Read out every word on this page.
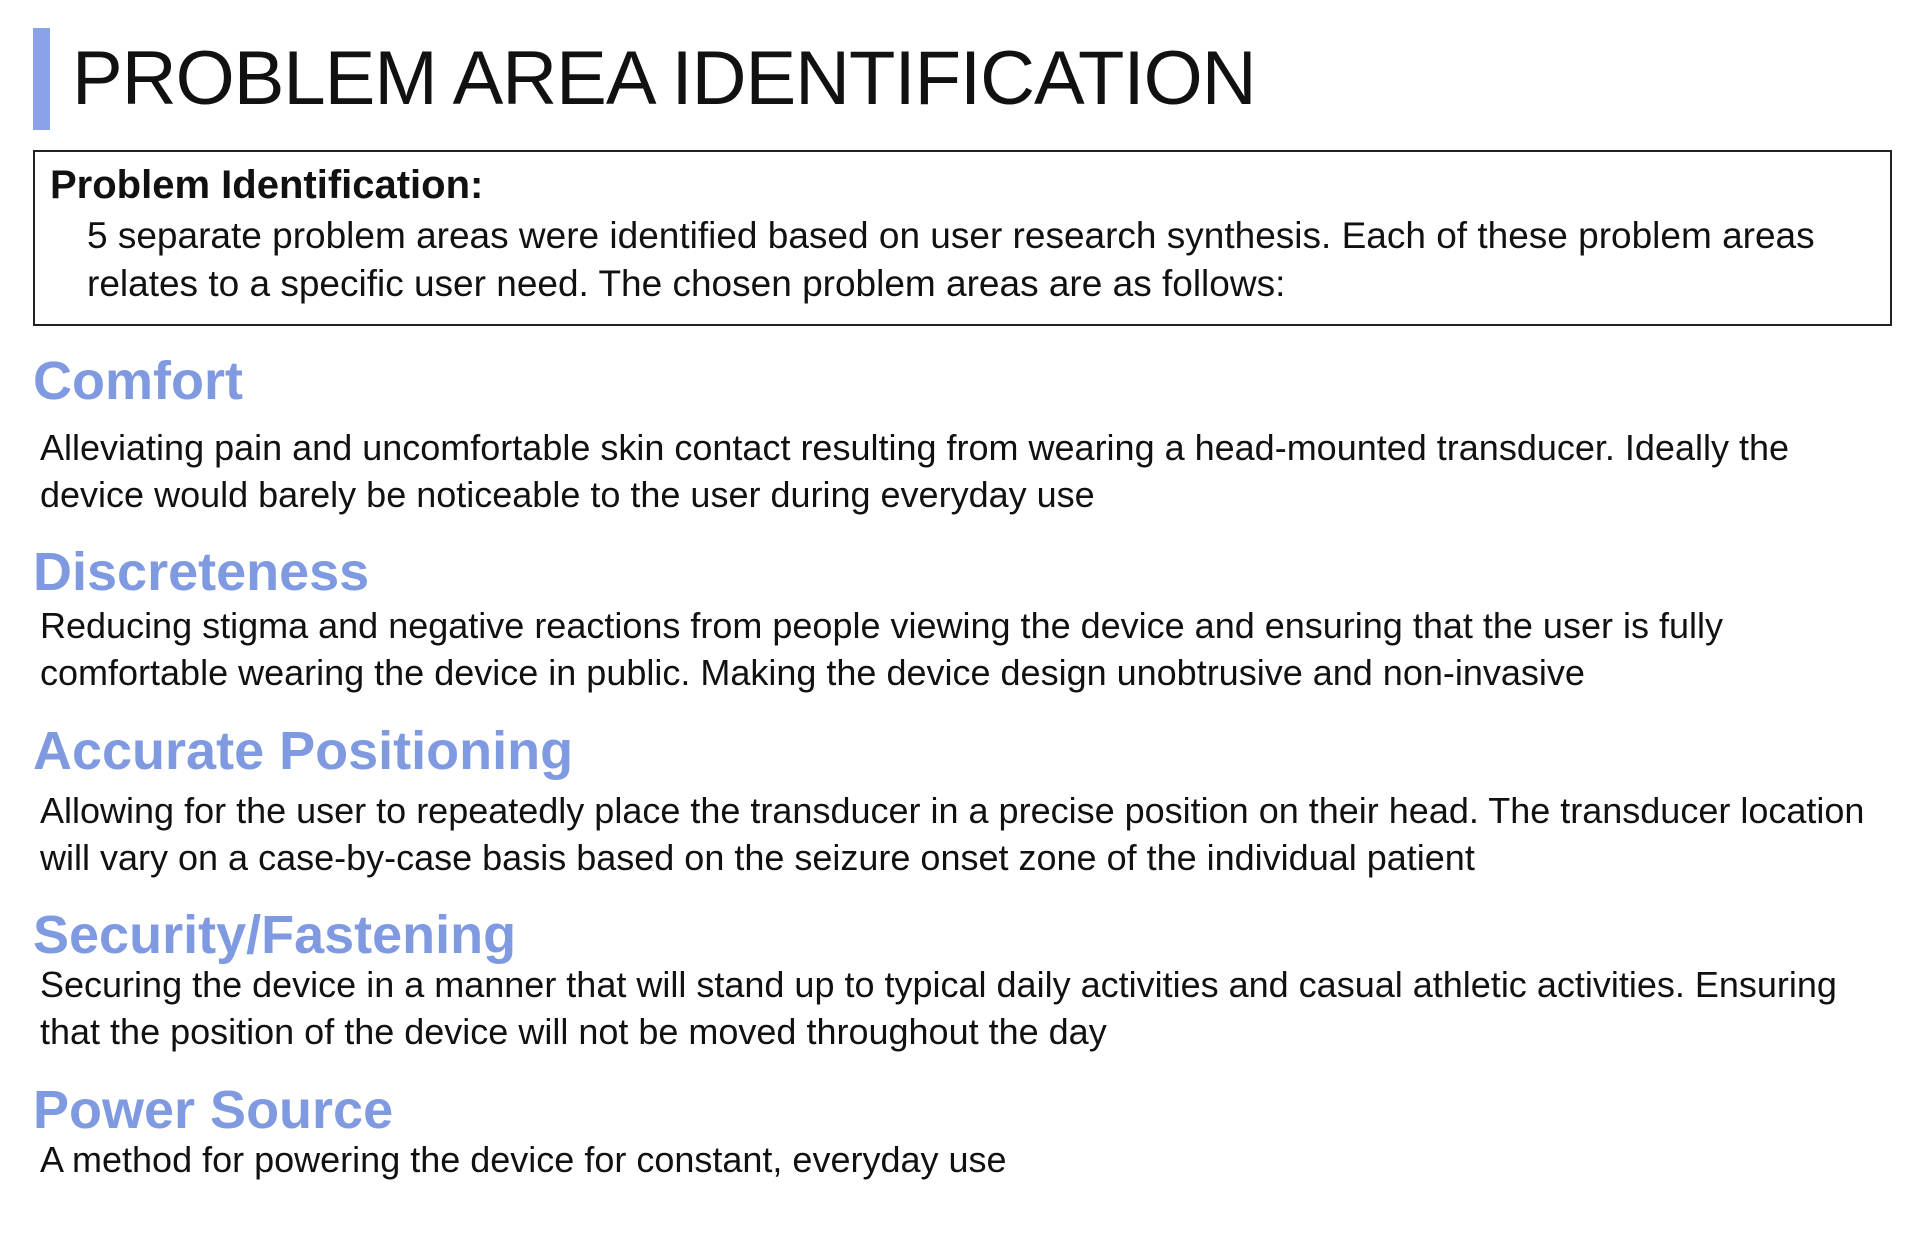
PROBLEM AREA IDENTIFICATION
Problem Identification:

5 separate problem areas were identified based on user research synthesis. Each of these problem areas relates to a specific user need. The chosen problem areas are as follows:

Comfort

Alleviating pain and uncomfortable skin contact resulting from wearing a head-mounted transducer. Ideally the device would barely be noticeable to the user during everyday use

Discreteness

Reducing stigma and negative reactions from people viewing the device and ensuring that the user is fully comfortable wearing the device in public. Making the device design unobtrusive and non-invasive

Accurate Positioning

Allowing for the user to repeatedly place the transducer in a precise position on their head. The transducer location will vary on a case-by-case basis based on the seizure onset zone of the individual patient

Security/Fastening

Securing the device in a manner that will stand up to typical daily activities and casual athletic activities. Ensuring that the position of the device will not be moved throughout the day

Power Source

A method for powering the device for constant, everyday use
